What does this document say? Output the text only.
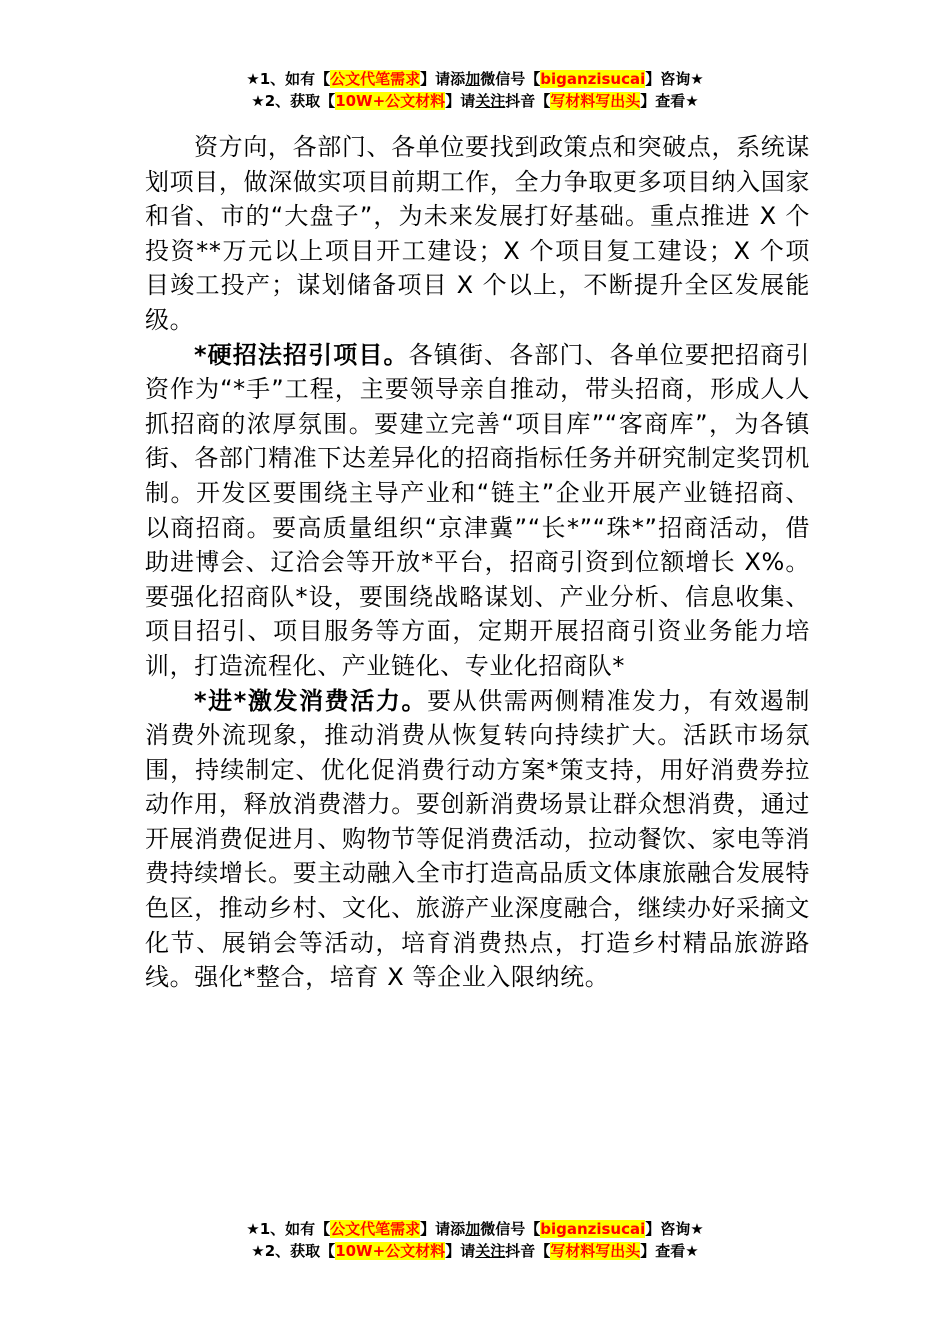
★1、如有【公文代笔需求】请添加微信号【biganzisucai】咨询★
★2、获取【10W+公文材料】请关注抖音【写材料写出头】查看★

资方向，各部门、各单位要找到政策点和突破点，系统谋划项目，做深做实项目前期工作，全力争取更多项目纳入国家和省、市的“大盘子”，为未来发展打好基础。重点推进 X 个投资**万元以上项目开工建设；X 个项目复工建设；X 个项目竣工投产；谋划储备项目 X 个以上，不断提升全区发展能级。

*硬招法招引项目。各镇街、各部门、各单位要把招商引资作为“*手”工程，主要领导亲自推动，带头招商，形成人人抓招商的浓厚氛围。要建立完善“项目库”“客商库”，为各镇街、各部门精准下达差异化的招商指标任务并研究制定奖罚机制。开发区要围绕主导产业和“链主”企业开展产业链招商、以商招商。要高质量组织“京津冀”“长*”“珠*”招商活动，借助进博会、辽洽会等开放*平台，招商引资到位额增长 X%。要强化招商队*设，要围绕战略谋划、产业分析、信息收集、项目招引、项目服务等方面，定期开展招商引资业务能力培训，打造流程化、产业链化、专业化招商队*

*进*激发消费活力。要从供需两侧精准发力，有效遏制消费外流现象，推动消费从恢复转向持续扩大。活跃市场氛围，持续制定、优化促消费行动方案*策支持，用好消费券拉动作用，释放消费潜力。要创新消费场景让群众想消费，通过开展消费促进月、购物节等促消费活动，拉动餐饮、家电等消费持续增长。要主动融入全市打造高品质文体康旅融合发展特色区，推动乡村、文化、旅游产业深度融合，继续办好采摘文化节、展销会等活动，培育消费热点，打造乡村精品旅游路线。强化*整合，培育 X 等企业入限纳统。

★1、如有【公文代笔需求】请添加微信号【biganzisucai】咨询★
★2、获取【10W+公文材料】请关注抖音【写材料写出头】查看★
